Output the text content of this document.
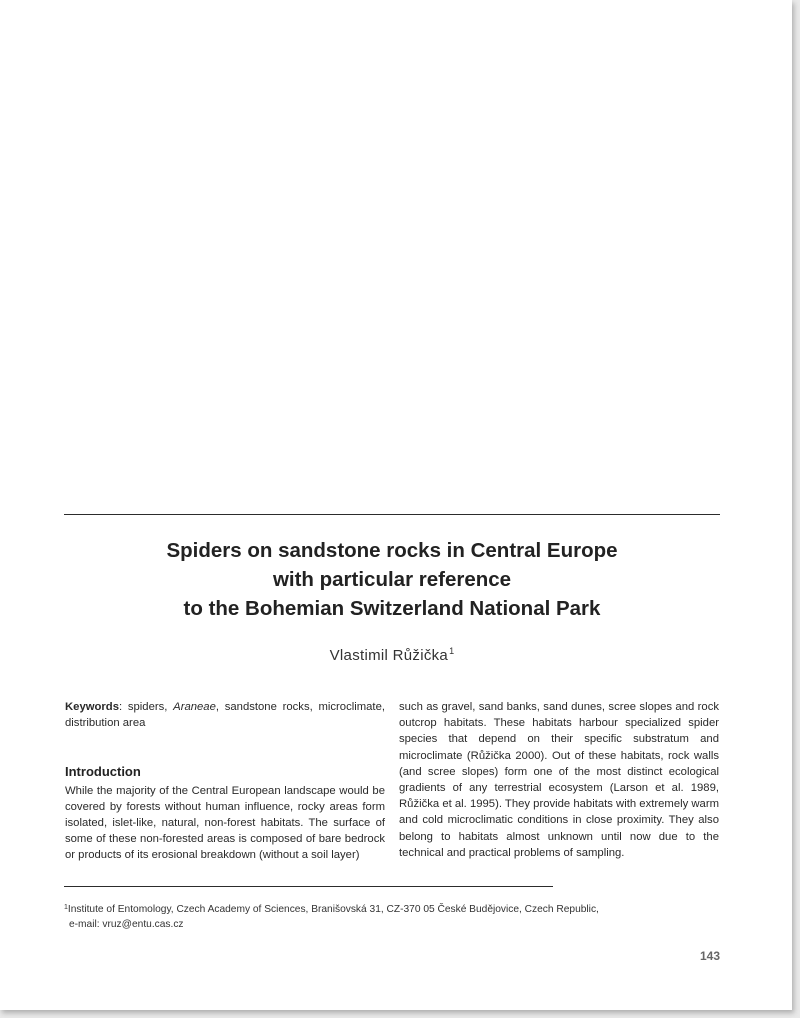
Spiders on sandstone rocks in Central Europe
with particular reference
to the Bohemian Switzerland National Park
Vlastimil Růžička$^1$

Keywords: spiders, Araneae, sandstone rocks, microclimate, distribution area

Introduction

While the majority of the Central European landscape would be covered by forests without human influence, rocky areas form isolated, islet-like, natural, non-forest habitats. The surface of some of these non-forested areas is composed of bare bedrock or products of its erosional breakdown (without a soil layer)

such as gravel, sand banks, sand dunes, scree slopes and rock outcrop habitats. These habitats harbour specialized spider species that depend on their specific substratum and microclimate (Růžička 2000). Out of these habitats, rock walls (and scree slopes) form one of the most distinct ecological gradients of any terrestrial ecosystem (Larson et al. 1989, Růžička et al. 1995). They provide habitats with extremely warm and cold microclimatic conditions in close proximity. They also belong to habitats almost unknown until now due to the technical and practical problems of sampling.

$^1$Institute of Entomology, Czech Academy of Sciences, Branišovská 31, CZ-370 05 České Budějovice, Czech Republic,
e-mail: vruz@entu.cas.cz
143
